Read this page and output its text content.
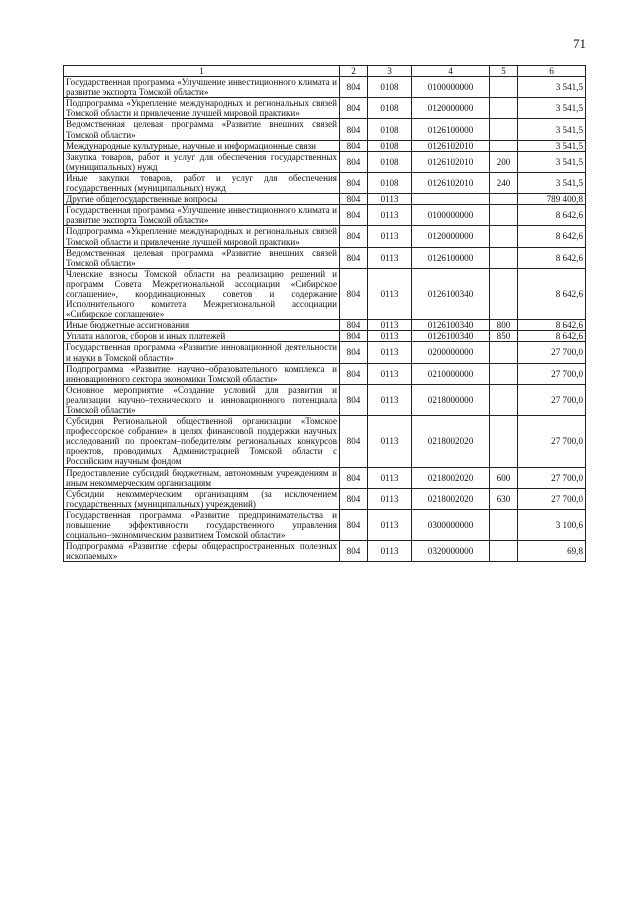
71
1	2	3	4	5	6
Государственная программа «Улучшение инвестиционного климата и развитие экспорта Томской области»	804	0108	0100000000		3 541,5
Подпрограмма «Укрепление международных и региональных связей Томской области и привлечение лучшей мировой практики»	804	0108	0120000000		3 541,5
Ведомственная целевая программа «Развитие внешних связей Томской области»	804	0108	0126100000		3 541,5
Международные культурные, научные и информационные связи	804	0108	0126102010		3 541,5
Закупка товаров, работ и услуг для обеспечения государственных (муниципальных) нужд	804	0108	0126102010	200	3 541,5
Иные закупки товаров, работ и услуг для обеспечения государственных (муниципальных) нужд	804	0108	0126102010	240	3 541,5
Другие общегосударственные вопросы	804	0113			789 400,8
Государственная программа «Улучшение инвестиционного климата и развитие экспорта Томской области»	804	0113	0100000000		8 642,6
Подпрограмма «Укрепление международных и региональных связей Томской области и привлечение лучшей мировой практики»	804	0113	0120000000		8 642,6
Ведомственная целевая программа «Развитие внешних связей Томской области»	804	0113	0126100000		8 642,6
Членские взносы Томской области на реализацию решений и программ Совета Межрегиональной ассоциации «Сибирское соглашение», координационных советов и содержание Исполнительного комитета Межрегиональной ассоциации «Сибирское соглашение»	804	0113	0126100340		8 642,6
Иные бюджетные ассигнования	804	0113	0126100340	800	8 642,6
Уплата налогов, сборов и иных платежей	804	0113	0126100340	850	8 642,6
Государственная программа «Развитие инновационной деятельности и науки в Томской области»	804	0113	0200000000		27 700,0
Подпрограмма «Развитие научно–образовательного комплекса и инновационного сектора экономики Томской области»	804	0113	0210000000		27 700,0
Основное мероприятие «Создание условий для развития и реализации научно–технического и инновационного потенциала Томской области»	804	0113	0218000000		27 700,0
Субсидия Региональной общественной организации «Томское профессорское собрание» в целях финансовой поддержки научных исследований по проектам–победителям региональных конкурсов проектов, проводимых Администрацией Томской области с Российским научным фондом	804	0113	0218002020		27 700,0
Предоставление субсидий бюджетным, автономным учреждениям и иным некоммерческим организациям	804	0113	0218002020	600	27 700,0
Субсидии некоммерческим организациям (за исключением государственных (муниципальных) учреждений)	804	0113	0218002020	630	27 700,0
Государственная программа «Развитие предпринимательства и повышение эффективности государственного управления социально–экономическим развитием Томской области»	804	0113	0300000000		3 100,6
Подпрограмма «Развитие сферы общераспространенных полезных ископаемых»	804	0113	0320000000		69,8
